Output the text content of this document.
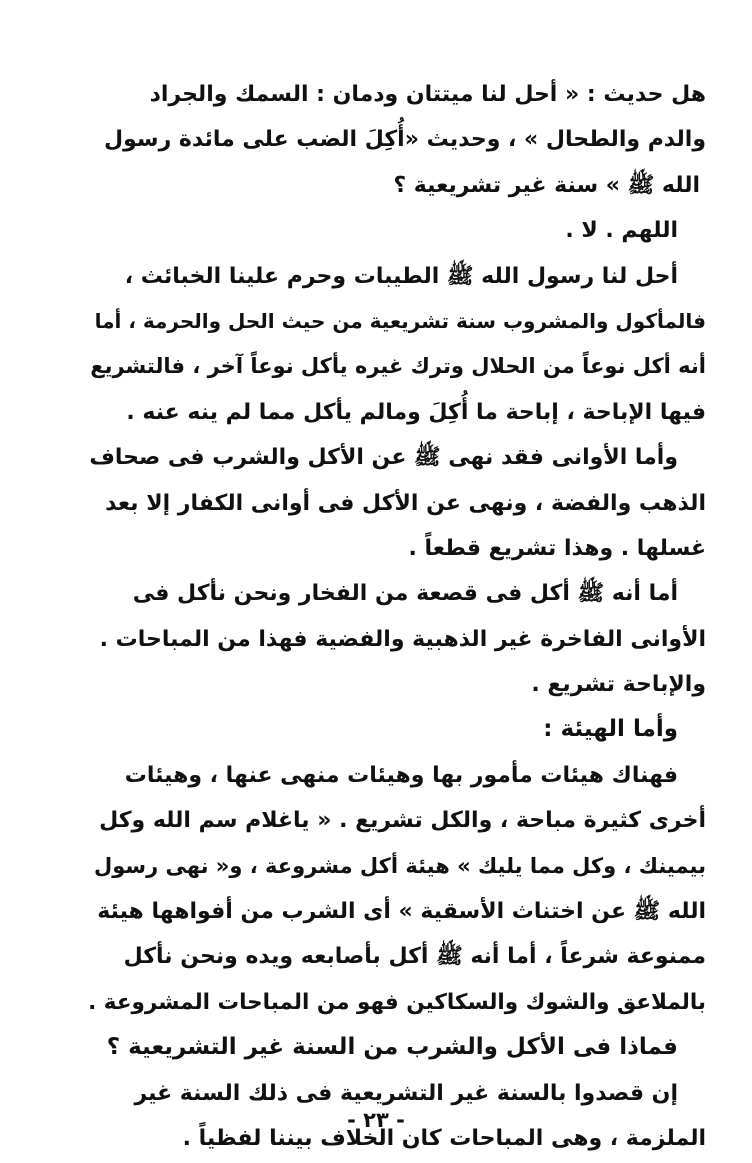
هل حديث : « أحل لنا ميتتان ودمان : السمك والجراد
والدم والطحال » ، وحديث «أُكِلَ الضب على مائدة رسول
الله ﷺ » سنة غير تشريعية ؟
اللهم . لا .
أحل لنا رسول الله ﷺ الطيبات وحرم علينا الخبائث ،
فالمأكول والمشروب سنة تشريعية من حيث الحل والحرمة ، أما
أنه أكل نوعاً من الحلال وترك غيره يأكل نوعاً آخر ، فالتشريع
فيها الإباحة ، إباحة ما أُكِلَ ومالم يأكل مما لم ينه عنه .
وأما الأوانى فقد نهى ﷺ عن الأكل والشرب فى صحاف
الذهب والفضة ، ونهى عن الأكل فى أوانى الكفار إلا بعد
غسلها . وهذا تشريع قطعاً .
أما أنه ﷺ أكل فى قصعة من الفخار ونحن نأكل فى
الأوانى الفاخرة غير الذهبية والفضية فهذا من المباحات .
والإباحة تشريع .
وأما الهيئة :
فهناك هيئات مأمور بها وهيئات منهى عنها ، وهيئات
أخرى كثيرة مباحة ، والكل تشريع . « ياغلام سم الله وكل
بيمينك ، وكل مما يليك » هيئة أكل مشروعة ، و« نهى رسول
الله ﷺ عن اختناث الأسقية » أى الشرب من أفواهها هيئة
ممنوعة شرعاً ، أما أنه ﷺ أكل بأصابعه ويده ونحن نأكل
بالملاعق والشوك والسكاكين فهو من المباحات المشروعة .
فماذا فى الأكل والشرب من السنة غير التشريعية ؟
إن قصدوا بالسنة غير التشريعية فى ذلك السنة غير
الملزمة ، وهى المباحات كان الخلاف بيننا لفظياً .
- ٢٣ -
